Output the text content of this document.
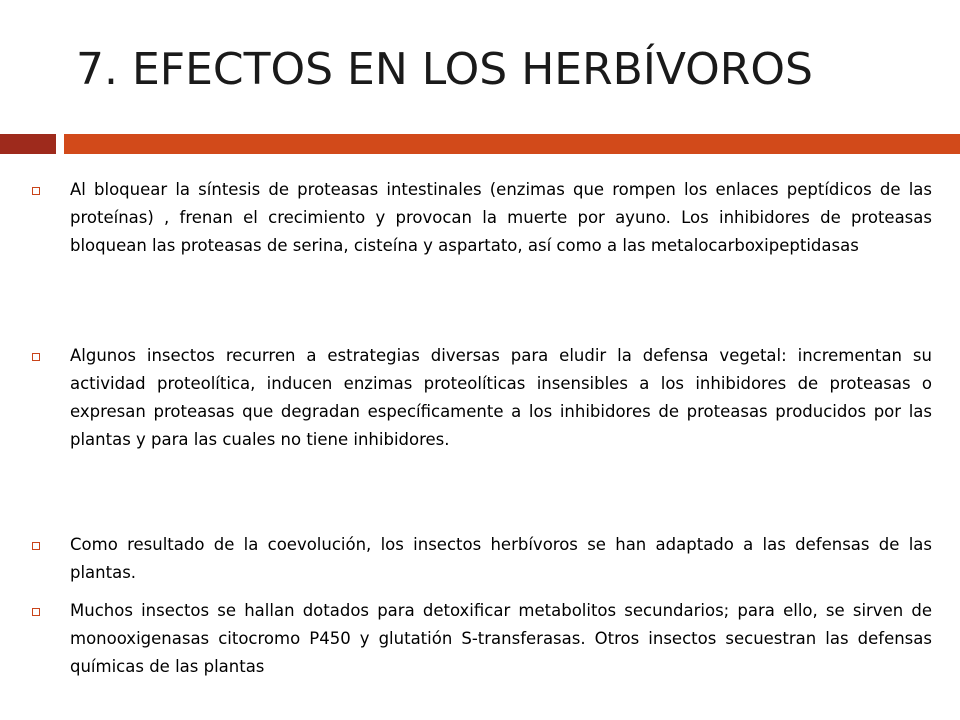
7. EFECTOS EN LOS HERBÍVOROS
Al bloquear la síntesis de proteasas intestinales (enzimas que rompen los enlaces peptídicos de las proteínas) , frenan el crecimiento y provocan la muerte por ayuno. Los inhibidores de proteasas bloquean las proteasas de serina, cisteína y aspartato, así como a las metalocarboxipeptidasas
Algunos insectos recurren a estrategias diversas para eludir la defensa vegetal: incrementan su actividad proteolítica, inducen enzimas proteolíticas insensibles a los inhibidores de proteasas o expresan proteasas que degradan específicamente a los inhibidores de proteasas producidos por las plantas y para las cuales no tiene inhibidores.
Como resultado de la coevolución, los insectos herbívoros se han adaptado a las defensas de las plantas.
Muchos insectos se hallan dotados para detoxificar metabolitos secundarios; para ello, se sirven de monooxigenasas citocromo P450 y glutatión S-transferasas. Otros insectos secuestran las defensas químicas de las plantas
